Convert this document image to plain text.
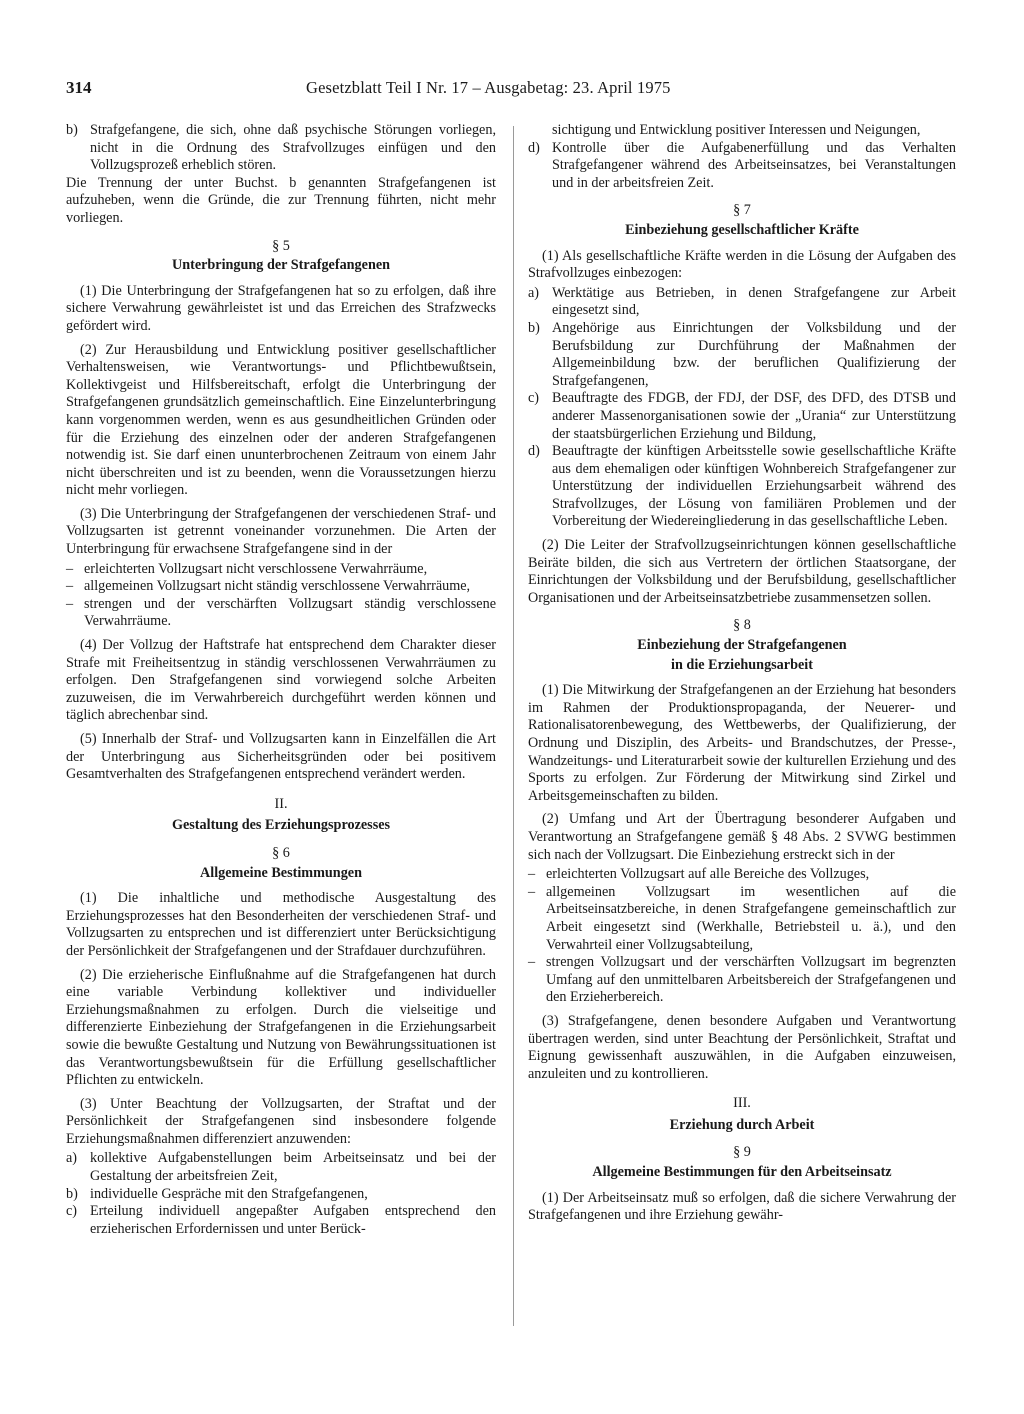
314	Gesetzblatt Teil I Nr. 17 – Ausgabetag: 23. April 1975
b) Strafgefangene, die sich, ohne daß psychische Störungen vorliegen, nicht in die Ordnung des Strafvollzuges einfügen und den Vollzugsprozeß erheblich stören.

Die Trennung der unter Buchst. b genannten Strafgefangenen ist aufzuheben, wenn die Gründe, die zur Trennung führten, nicht mehr vorliegen.

§ 5

Unterbringung der Strafgefangenen

(1) Die Unterbringung der Strafgefangenen hat so zu erfolgen, daß ihre sichere Verwahrung gewährleistet ist und das Erreichen des Strafzwecks gefördert wird.

(2) Zur Herausbildung und Entwicklung positiver gesellschaftlicher Verhaltensweisen, wie Verantwortungs- und Pflichtbewußtsein, Kollektivgeist und Hilfsbereitschaft, erfolgt die Unterbringung der Strafgefangenen grundsätzlich gemeinschaftlich. Eine Einzelunterbringung kann vorgenommen werden, wenn es aus gesundheitlichen Gründen oder für die Erziehung des einzelnen oder der anderen Strafgefangenen notwendig ist. Sie darf einen ununterbrochenen Zeitraum von einem Jahr nicht überschreiten und ist zu beenden, wenn die Voraussetzungen hierzu nicht mehr vorliegen.

(3) Die Unterbringung der Strafgefangenen der verschiedenen Straf- und Vollzugsarten ist getrennt voneinander vorzunehmen. Die Arten der Unterbringung für erwachsene Strafgefangene sind in der

– erleichterten Vollzugsart nicht verschlossene Verwahrräume,
– allgemeinen Vollzugsart nicht ständig verschlossene Verwahrräume,
– strengen und der verschärften Vollzugsart ständig verschlossene Verwahrräume.

(4) Der Vollzug der Haftstrafe hat entsprechend dem Charakter dieser Strafe mit Freiheitsentzug in ständig verschlossenen Verwahrräumen zu erfolgen. Den Strafgefangenen sind vorwiegend solche Arbeiten zuzuweisen, die im Verwahrbereich durchgeführt werden können und täglich abrechenbar sind.

(5) Innerhalb der Straf- und Vollzugsarten kann in Einzelfällen die Art der Unterbringung aus Sicherheitsgründen oder bei positivem Gesamtverhalten des Strafgefangenen entsprechend verändert werden.

II.

Gestaltung des Erziehungsprozesses

§ 6

Allgemeine Bestimmungen

(1) Die inhaltliche und methodische Ausgestaltung des Erziehungsprozesses hat den Besonderheiten der verschiedenen Straf- und Vollzugsarten zu entsprechen und ist differenziert unter Berücksichtigung der Persönlichkeit der Strafgefangenen und der Strafdauer durchzuführen.

(2) Die erzieherische Einflußnahme auf die Strafgefangenen hat durch eine variable Verbindung kollektiver und individueller Erziehungsmaßnahmen zu erfolgen. Durch die vielseitige und differenzierte Einbeziehung der Strafgefangenen in die Erziehungsarbeit sowie die bewußte Gestaltung und Nutzung von Bewährungssituationen ist das Verantwortungsbewußtsein für die Erfüllung gesellschaftlicher Pflichten zu entwickeln.

(3) Unter Beachtung der Vollzugsarten, der Straftat und der Persönlichkeit der Strafgefangenen sind insbesondere folgende Erziehungsmaßnahmen differenziert anzuwenden:

a) kollektive Aufgabenstellungen beim Arbeitseinsatz und bei der Gestaltung der arbeitsfreien Zeit,
b) individuelle Gespräche mit den Strafgefangenen,
c) Erteilung individuell angepaßter Aufgaben entsprechend den erzieherischen Erfordernissen und unter Berück-
sichtigung und Entwicklung positiver Interessen und Neigungen,
d) Kontrolle über die Aufgabenerfüllung und das Verhalten Strafgefangener während des Arbeitseinsatzes, bei Veranstaltungen und in der arbeitsfreien Zeit.

§ 7

Einbeziehung gesellschaftlicher Kräfte

(1) Als gesellschaftliche Kräfte werden in die Lösung der Aufgaben des Strafvollzuges einbezogen:

a) Werktätige aus Betrieben, in denen Strafgefangene zur Arbeit eingesetzt sind,
b) Angehörige aus Einrichtungen der Volksbildung und der Berufsbildung zur Durchführung der Maßnahmen der Allgemeinbildung bzw. der beruflichen Qualifizierung der Strafgefangenen,
c) Beauftragte des FDGB, der FDJ, der DSF, des DFD, des DTSB und anderer Massenorganisationen sowie der „Urania“ zur Unterstützung der staatsbürgerlichen Erziehung und Bildung,
d) Beauftragte der künftigen Arbeitsstelle sowie gesellschaftliche Kräfte aus dem ehemaligen oder künftigen Wohnbereich Strafgefangener zur Unterstützung der individuellen Erziehungsarbeit während des Strafvollzuges, der Lösung von familiären Problemen und der Vorbereitung der Wiedereingliederung in das gesellschaftliche Leben.

(2) Die Leiter der Strafvollzugseinrichtungen können gesellschaftliche Beiräte bilden, die sich aus Vertretern der örtlichen Staatsorgane, der Einrichtungen der Volksbildung und der Berufsbildung, gesellschaftlicher Organisationen und der Arbeitseinsatzbetriebe zusammensetzen sollen.

§ 8

Einbeziehung der Strafgefangenen

in die Erziehungsarbeit

(1) Die Mitwirkung der Strafgefangenen an der Erziehung hat besonders im Rahmen der Produktionspropaganda, der Neuerer- und Rationalisatorenbewegung, des Wettbewerbs, der Qualifizierung, der Ordnung und Disziplin, des Arbeits- und Brandschutzes, der Presse-, Wandzeitungs- und Literaturarbeit sowie der kulturellen Erziehung und des Sports zu erfolgen. Zur Förderung der Mitwirkung sind Zirkel und Arbeitsgemeinschaften zu bilden.

(2) Umfang und Art der Übertragung besonderer Aufgaben und Verantwortung an Strafgefangene gemäß § 48 Abs. 2 SVWG bestimmen sich nach der Vollzugsart. Die Einbeziehung erstreckt sich in der

– erleichterten Vollzugsart auf alle Bereiche des Vollzuges,
– allgemeinen Vollzugsart im wesentlichen auf die Arbeitseinsatzbereiche, in denen Strafgefangene gemeinschaftlich zur Arbeit eingesetzt sind (Werkhalle, Betriebsteil u. ä.), und den Verwahrteil einer Vollzugsabteilung,
– strengen Vollzugsart und der verschärften Vollzugsart im begrenzten Umfang auf den unmittelbaren Arbeitsbereich der Strafgefangenen und den Erzieherbereich.

(3) Strafgefangene, denen besondere Aufgaben und Verantwortung übertragen werden, sind unter Beachtung der Persönlichkeit, Straftat und Eignung gewissenhaft auszuwählen, in die Aufgaben einzuweisen, anzuleiten und zu kontrollieren.

III.

Erziehung durch Arbeit

§ 9

Allgemeine Bestimmungen für den Arbeitseinsatz

(1) Der Arbeitseinsatz muß so erfolgen, daß die sichere Verwahrung der Strafgefangenen und ihre Erziehung gewähr-
